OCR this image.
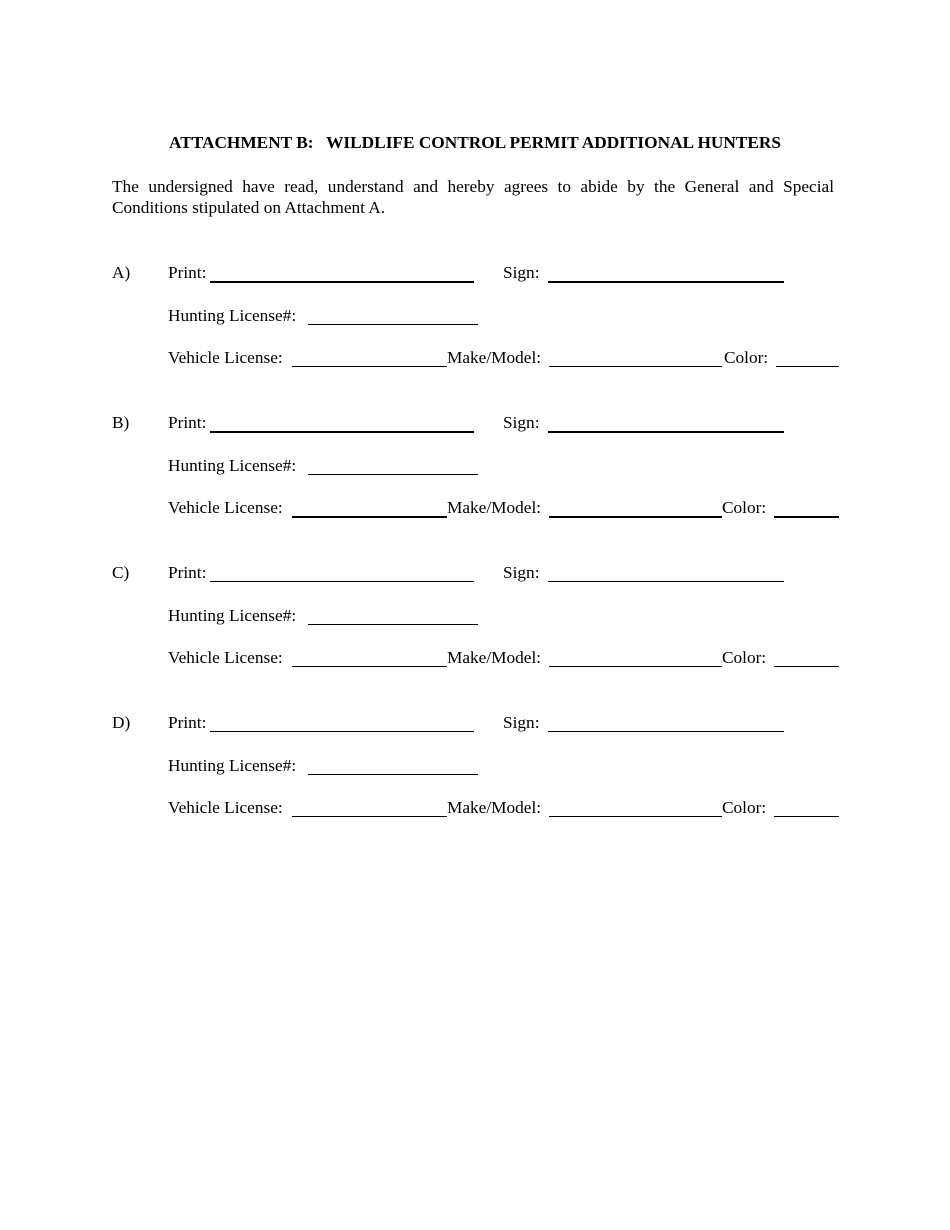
ATTACHMENT B:   WILDLIFE CONTROL PERMIT ADDITIONAL HUNTERS
The undersigned have read, understand and hereby agrees to abide by the General and Special Conditions stipulated on Attachment A.
A) Print:	Sign:
Hunting License#:
Vehicle License:	Make/Model:	Color:
B) Print:	Sign:
Hunting License#:
Vehicle License:	Make/Model:	Color:
C) Print:	Sign:
Hunting License#:
Vehicle License:	Make/Model:	Color:
D) Print:	Sign:
Hunting License#:
Vehicle License:	Make/Model:	Color:
